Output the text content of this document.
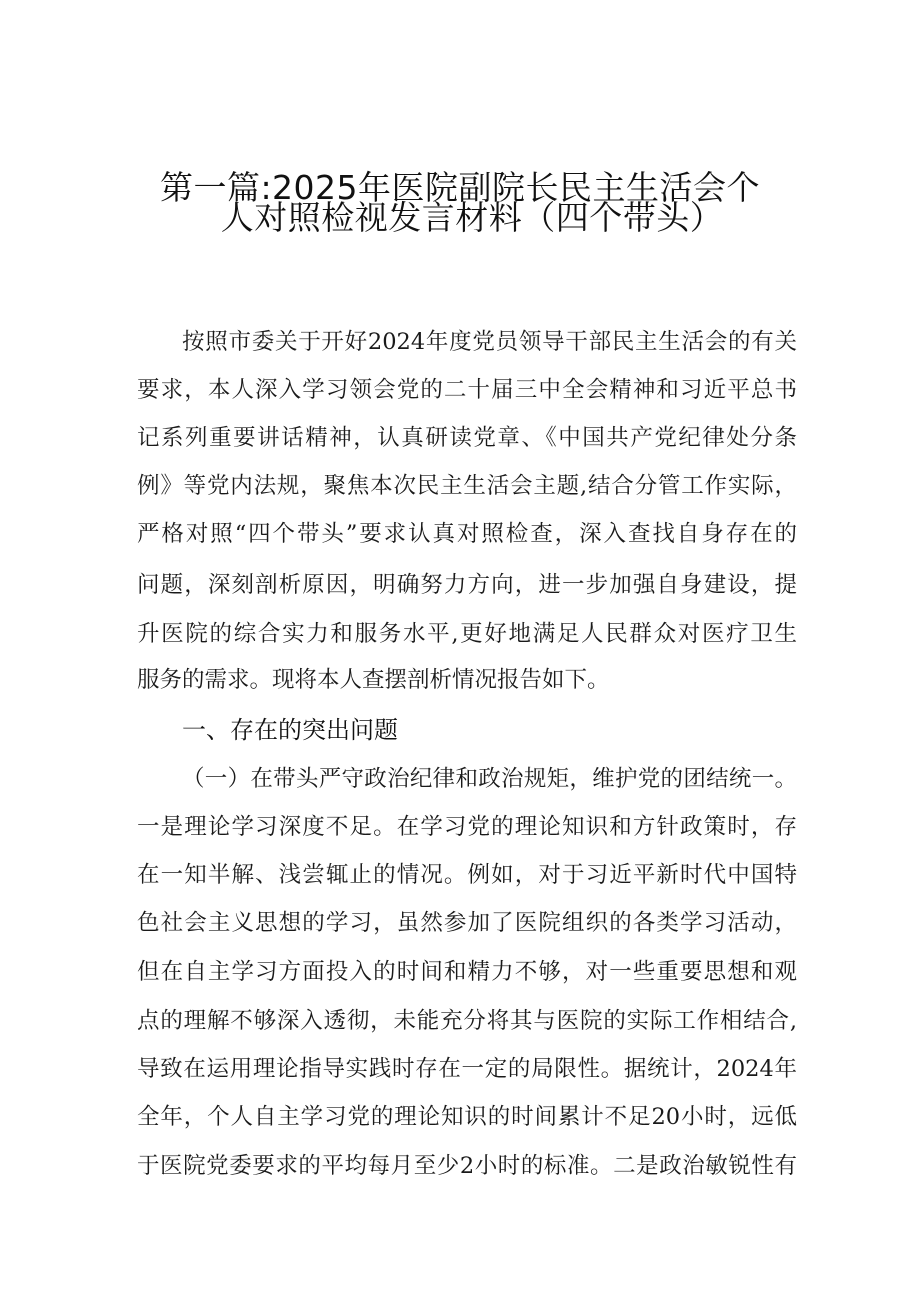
第一篇:2025年医院副院长民主生活会个
人对照检视发言材料（四个带头）
按照市委关于开好2024年度党员领导干部民主生活会的有关
要求，本人深入学习领会党的二十届三中全会精神和习近平总书
记系列重要讲话精神，认真研读党章、《中国共产党纪律处分条
例》等党内法规，聚焦本次民主生活会主题,结合分管工作实际，
严格对照“四个带头”要求认真对照检查，深入查找自身存在的
问题，深刻剖析原因，明确努力方向，进一步加强自身建设，提
升医院的综合实力和服务水平,更好地满足人民群众对医疗卫生
服务的需求。现将本人查摆剖析情况报告如下。
一、存在的突出问题
（一）在带头严守政治纪律和政治规矩，维护党的团结统一。
一是理论学习深度不足。在学习党的理论知识和方针政策时，存
在一知半解、浅尝辄止的情况。例如，对于习近平新时代中国特
色社会主义思想的学习，虽然参加了医院组织的各类学习活动，
但在自主学习方面投入的时间和精力不够，对一些重要思想和观
点的理解不够深入透彻，未能充分将其与医院的实际工作相结合,
导致在运用理论指导实践时存在一定的局限性。据统计，2024年
全年，个人自主学习党的理论知识的时间累计不足20小时，远低
于医院党委要求的平均每月至少2小时的标准。二是政治敏锐性有
